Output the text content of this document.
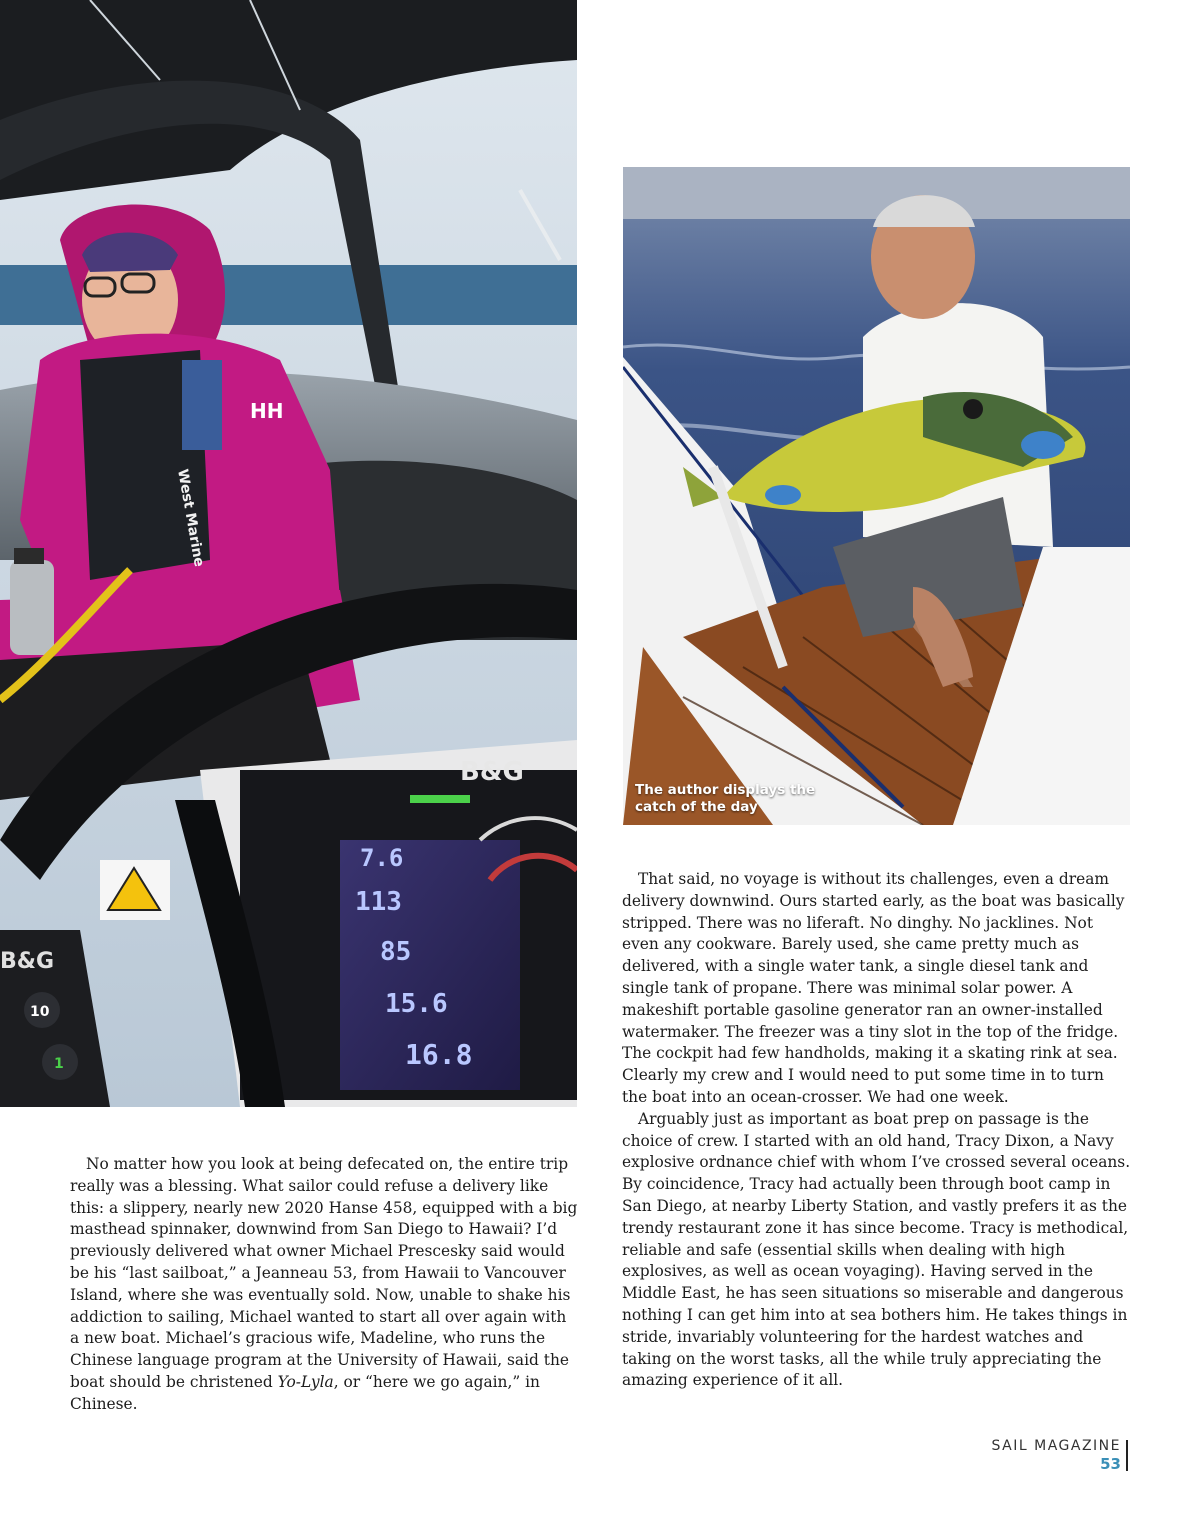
HH
West Marine
B&G
7.6
113
85
15.6
16.8
B&G
10
1
The author displays the catch of the day

No matter how you look at being defecated on, the entire trip really was a blessing. What sailor could refuse a delivery like this: a slippery, nearly new 2020 Hanse 458, equipped with a big masthead spinnaker, downwind from San Diego to Hawaii? I’d previously delivered what owner Michael Prescesky said would be his “last sailboat,” a Jeanneau 53, from Hawaii to Vancouver Island, where she was eventually sold. Now, unable to shake his addiction to sailing, Michael wanted to start all over again with a new boat. Michael’s gracious wife, Madeline, who runs the Chinese language program at the University of Hawaii, said the boat should be christened Yo-Lyla, or “here we go again,” in Chinese.

That said, no voyage is without its challenges, even a dream delivery downwind. Ours started early, as the boat was basically stripped. There was no liferaft. No dinghy. No jacklines. Not even any cookware. Barely used, she came pretty much as delivered, with a single water tank, a single diesel tank and single tank of propane. There was minimal solar power. A makeshift portable gasoline generator ran an owner-installed watermaker. The freezer was a tiny slot in the top of the fridge. The cockpit had few handholds, making it a skating rink at sea. Clearly my crew and I would need to put some time in to turn the boat into an ocean-crosser. We had one week.

Arguably just as important as boat prep on passage is the choice of crew. I started with an old hand, Tracy Dixon, a Navy explosive ordnance chief with whom I’ve crossed several oceans. By coincidence, Tracy had actually been through boot camp in San Diego, at nearby Liberty Station, and vastly prefers it as the trendy restaurant zone it has since become. Tracy is methodical, reliable and safe (essential skills when dealing with high explosives, as well as ocean voyaging). Having served in the Middle East, he has seen situations so miserable and dangerous nothing I can get him into at sea bothers him. He takes things in stride, invariably volunteering for the hardest watches and taking on the worst tasks, all the while truly appreciating the amazing experience of it all.

SAIL MAGAZINE
53
